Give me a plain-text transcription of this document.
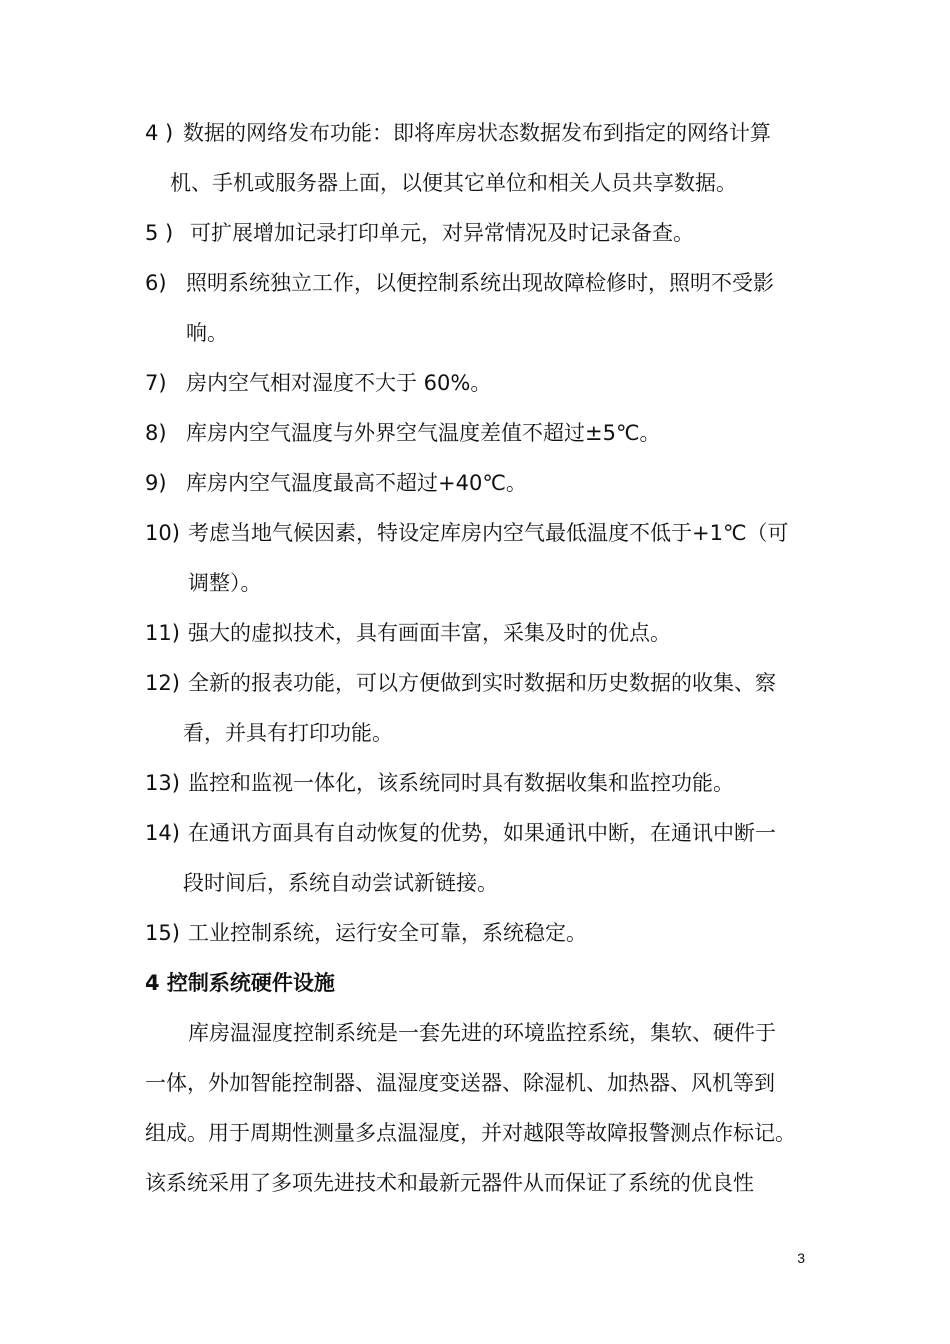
4 ) 数据的网络发布功能：即将库房状态数据发布到指定的网络计算
机、手机或服务器上面，以便其它单位和相关人员共享数据。
5 ) 可扩展增加记录打印单元，对异常情况及时记录备查。
6) 照明系统独立工作，以便控制系统出现故障检修时，照明不受影
响。
7) 房内空气相对湿度不大于 60%。
8) 库房内空气温度与外界空气温度差值不超过±5℃。
9) 库房内空气温度最高不超过+40℃。
10) 考虑当地气候因素，特设定库房内空气最低温度不低于+1℃（可
调整）。
11) 强大的虚拟技术，具有画面丰富，采集及时的优点。
12) 全新的报表功能，可以方便做到实时数据和历史数据的收集、察
看，并具有打印功能。
13) 监控和监视一体化，该系统同时具有数据收集和监控功能。
14) 在通讯方面具有自动恢复的优势，如果通讯中断，在通讯中断一
段时间后，系统自动尝试新链接。
15) 工业控制系统，运行安全可靠，系统稳定。
4 控制系统硬件设施
库房温湿度控制系统是一套先进的环境监控系统，集软、硬件于
一体，外加智能控制器、温湿度变送器、除湿机、加热器、风机等到
组成。用于周期性测量多点温湿度，并对越限等故障报警测点作标记。
该系统采用了多项先进技术和最新元器件从而保证了系统的优良性
3
